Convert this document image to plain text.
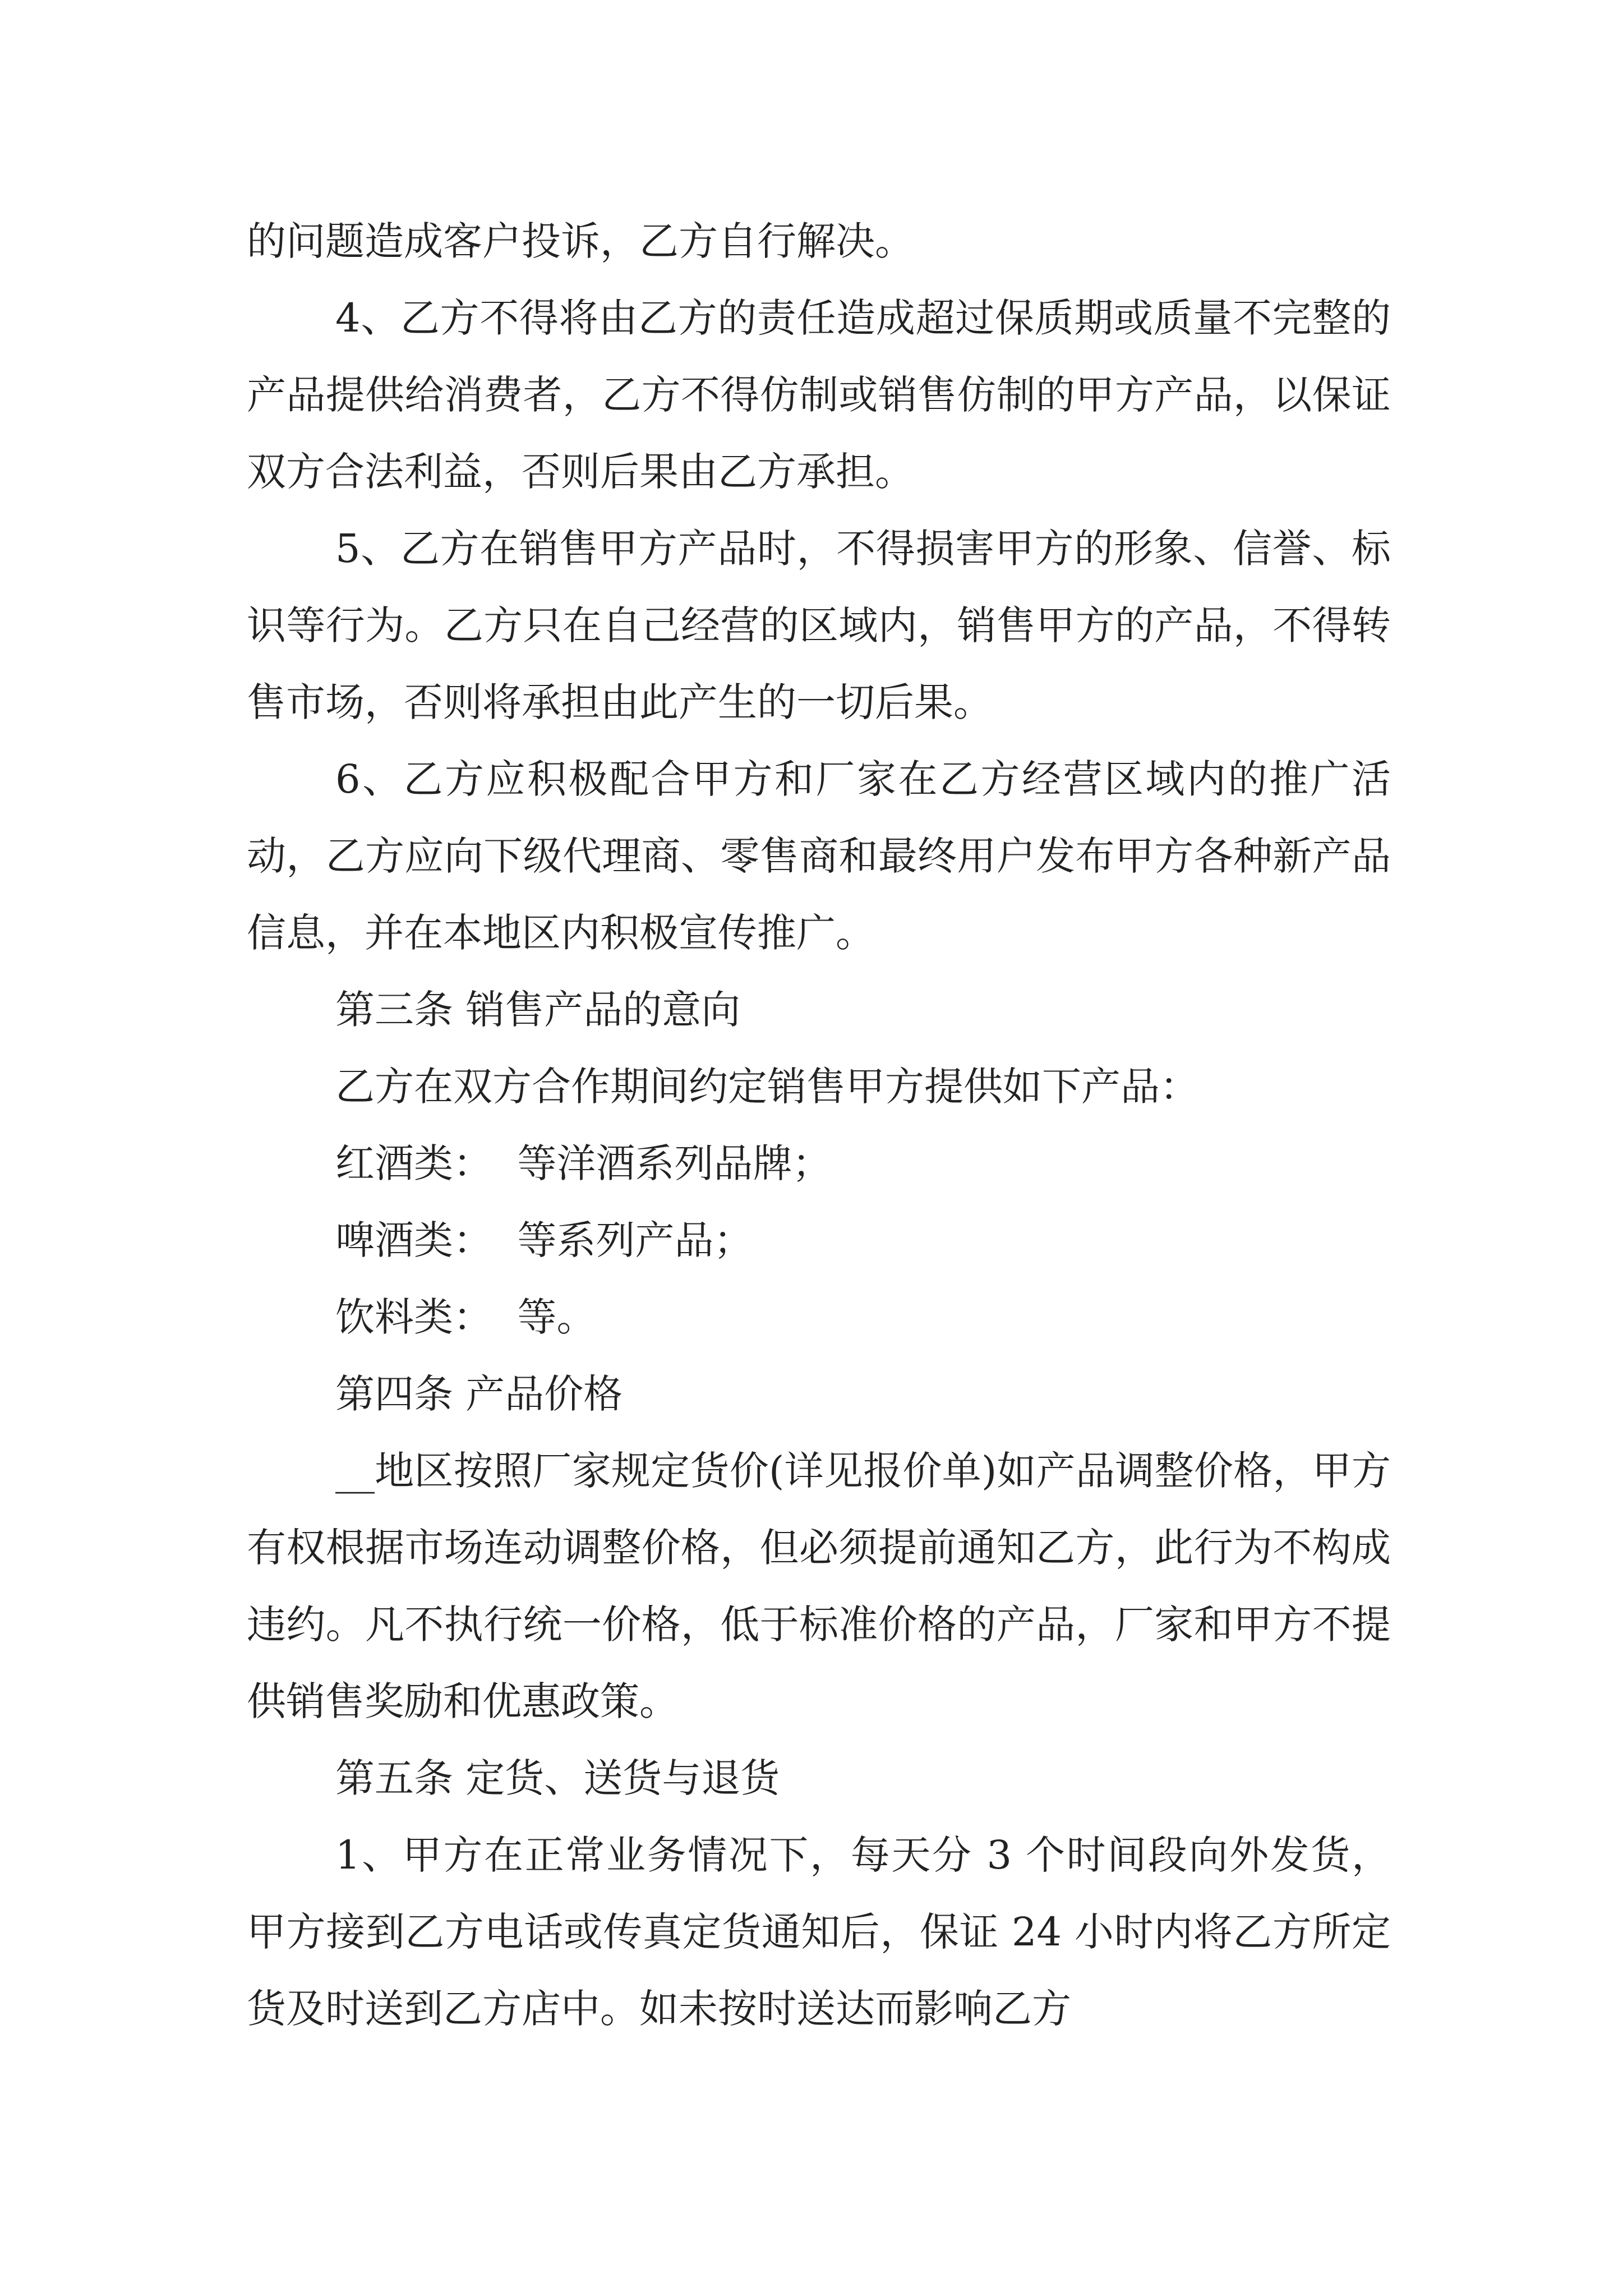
的问题造成客户投诉，乙方自行解决。

4、乙方不得将由乙方的责任造成超过保质期或质量不完整的产品提供给消费者，乙方不得仿制或销售仿制的甲方产品，以保证双方合法利益，否则后果由乙方承担。

5、乙方在销售甲方产品时，不得损害甲方的形象、信誉、标识等行为。乙方只在自己经营的区域内，销售甲方的产品，不得转售市场，否则将承担由此产生的一切后果。

6、乙方应积极配合甲方和厂家在乙方经营区域内的推广活动，乙方应向下级代理商、零售商和最终用户发布甲方各种新产品信息，并在本地区内积极宣传推广。

第三条 销售产品的意向

乙方在双方合作期间约定销售甲方提供如下产品：

红酒类：  等洋酒系列品牌；

啤酒类：  等系列产品；

饮料类：  等。

第四条 产品价格

__地区按照厂家规定货价(详见报价单)如产品调整价格，甲方有权根据市场连动调整价格，但必须提前通知乙方，此行为不构成违约。凡不执行统一价格，低于标准价格的产品，厂家和甲方不提供销售奖励和优惠政策。

第五条 定货、送货与退货

1、甲方在正常业务情况下，每天分 3 个时间段向外发货，甲方接到乙方电话或传真定货通知后，保证 24 小时内将乙方所定货及时送到乙方店中。如未按时送达而影响乙方
